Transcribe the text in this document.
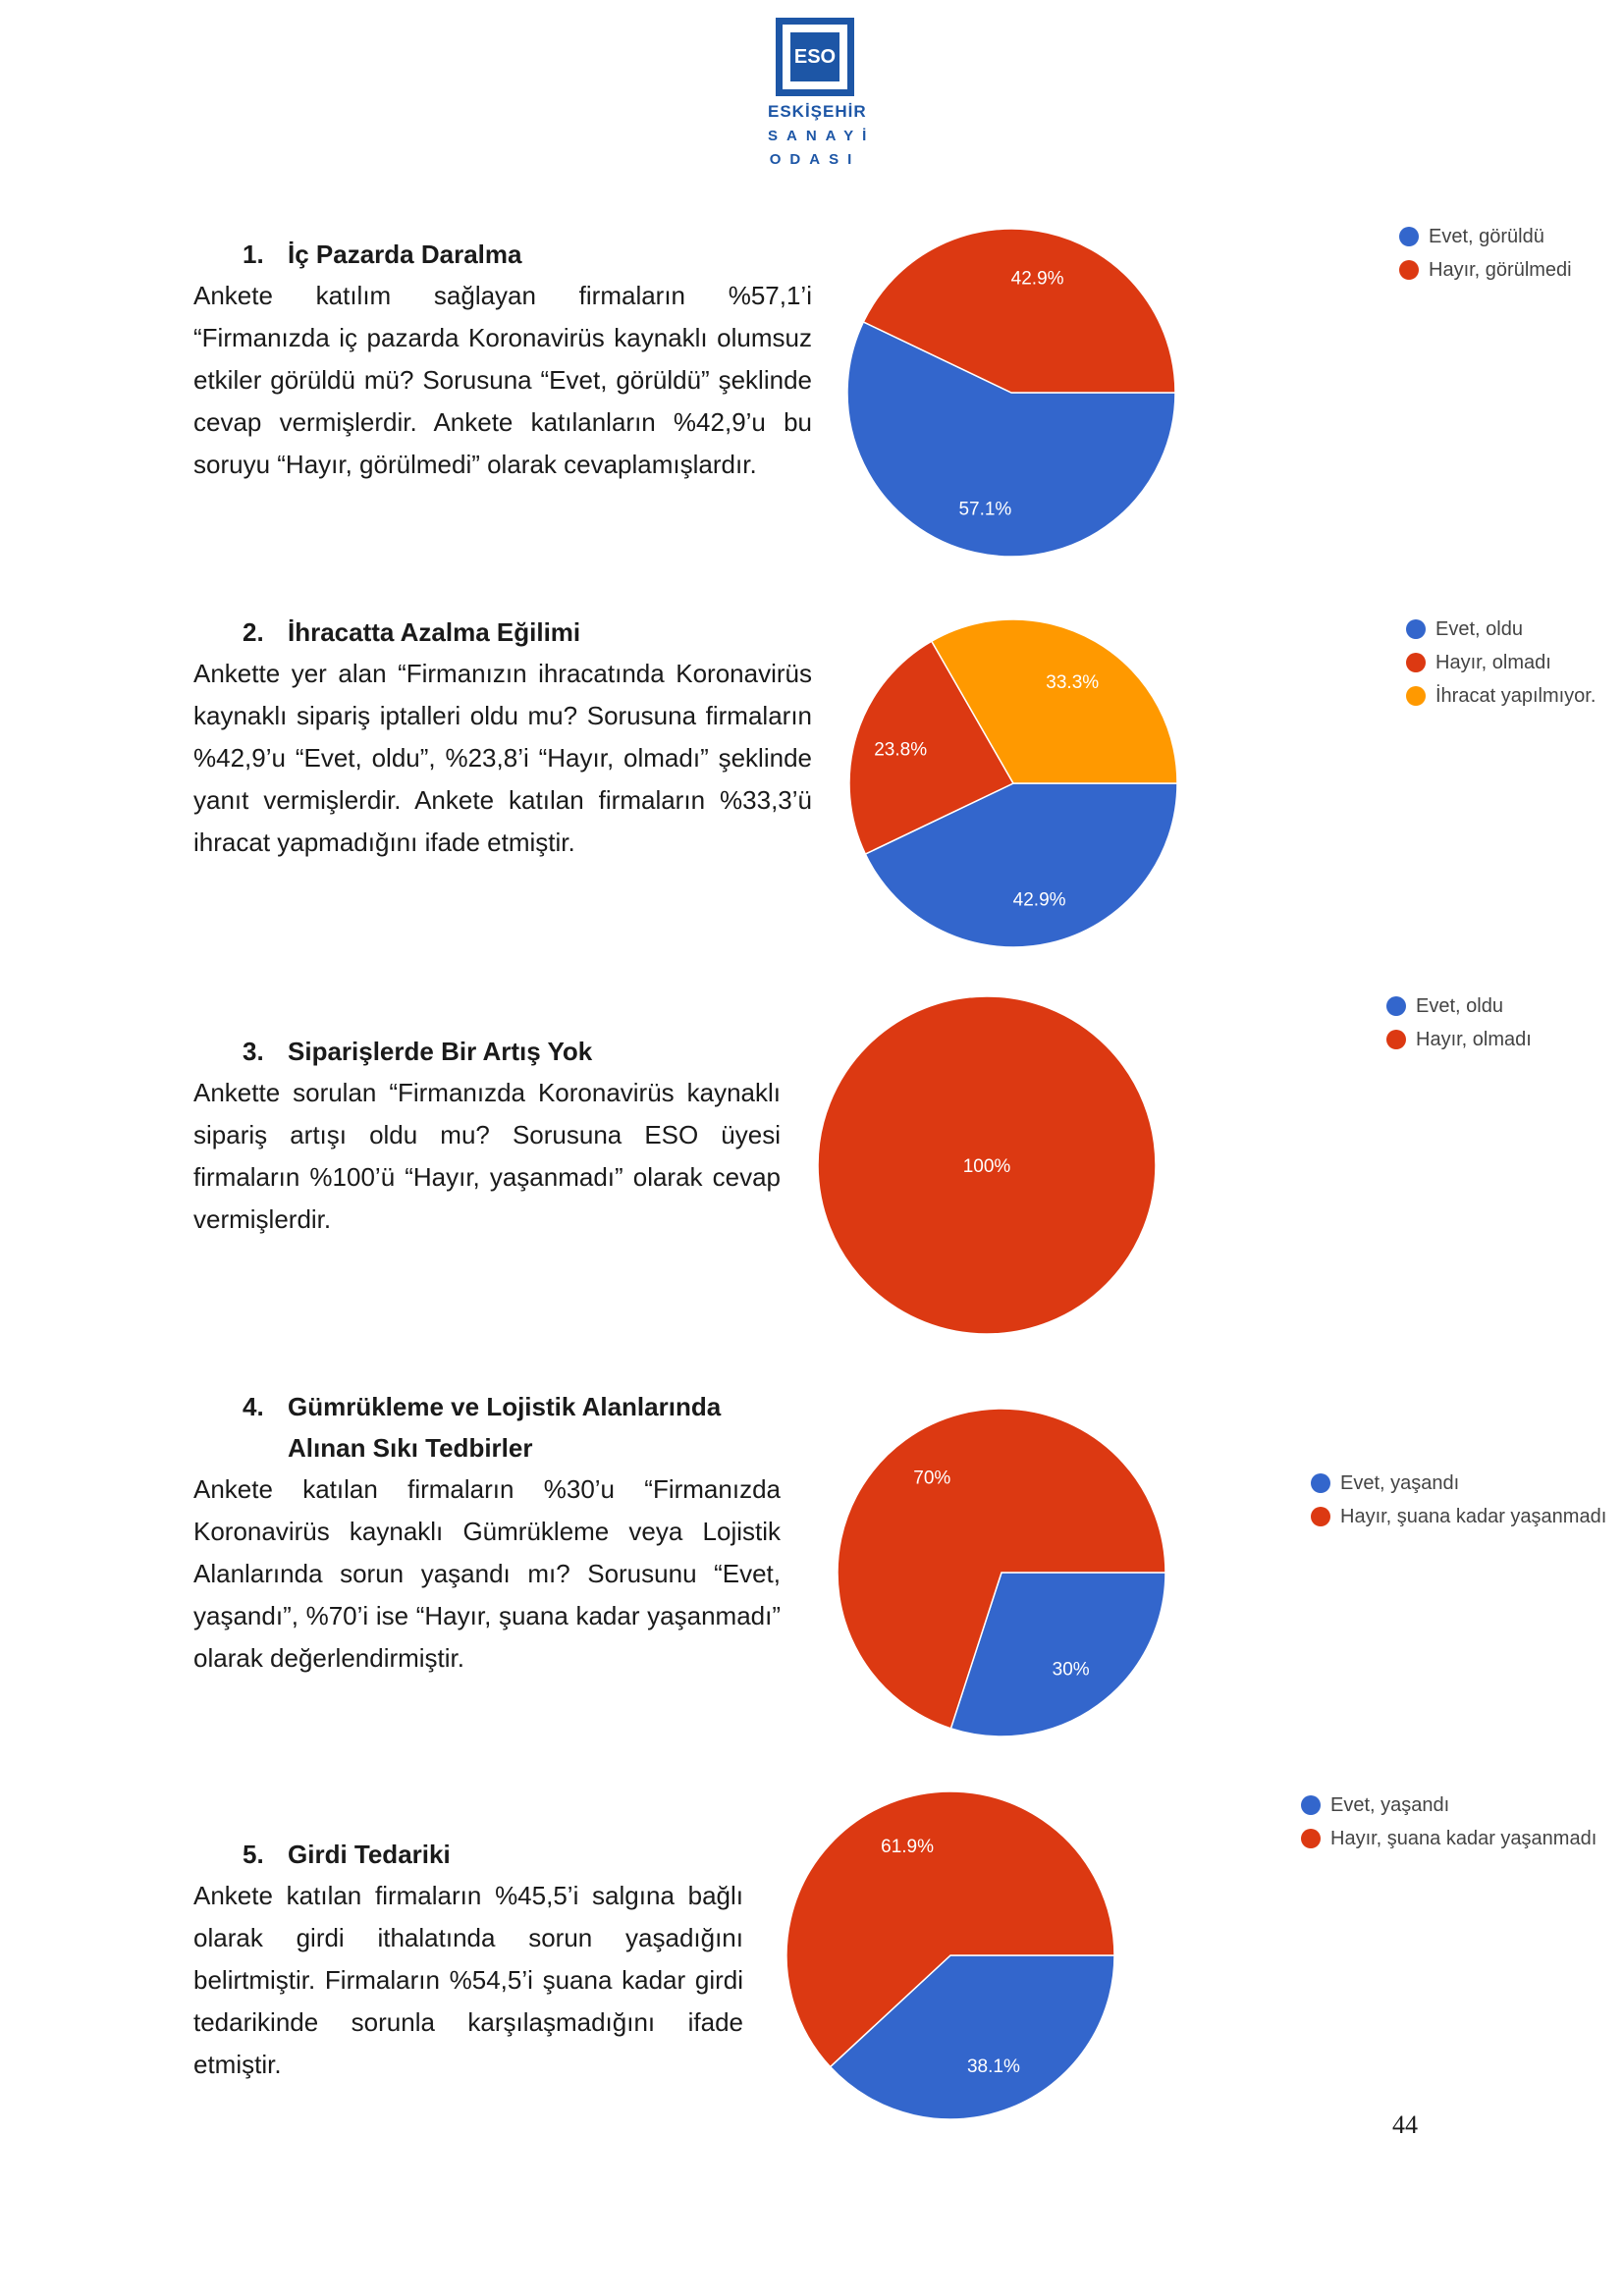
ESO
ESKİŞEHİR
SANAYİ
ODASI
1. İç Pazarda Daralma
Ankete katılım sağlayan firmaların %57,1’i “Firmanızda iç pazarda Koronavirüs kaynaklı olumsuz etkiler görüldü mü? Sorusuna “Evet, görüldü” şeklinde cevap vermişlerdir. Ankete katılanların %42,9’u bu soruyu “Hayır, görülmedi” olarak cevaplamışlardır.
2. İhracatta Azalma Eğilimi
Ankette yer alan “Firmanızın ihracatında Koronavirüs kaynaklı sipariş iptalleri oldu mu? Sorusuna firmaların %42,9’u “Evet, oldu”, %23,8’i “Hayır, olmadı” şeklinde yanıt vermişlerdir. Ankete katılan firmaların %33,3’ü ihracat yapmadığını ifade etmiştir.
3. Siparişlerde Bir Artış Yok
Ankette sorulan “Firmanızda Koronavirüs kaynaklı sipariş artışı oldu mu? Sorusuna ESO üyesi firmaların %100’ü “Hayır, yaşanmadı” olarak cevap vermişlerdir.
4. Gümrükleme ve Lojistik Alanlarında
Alınan Sıkı Tedbirler
Ankete katılan firmaların %30’u “Firmanızda Koronavirüs kaynaklı Gümrükleme veya Lojistik Alanlarında sorun yaşandı mı? Sorusunu “Evet, yaşandı”, %70’i ise “Hayır, şuana kadar yaşanmadı” olarak değerlendirmiştir.
5. Girdi Tedariki
Ankete katılan firmaların %45,5’i salgına bağlı olarak girdi ithalatında sorun yaşadığını belirtmiştir. Firmaların %54,5’i şuana kadar girdi tedarikinde sorunla karşılaşmadığını ifade etmiştir.
57.1%
42.9%
Evet, görüldü
Hayır, görülmedi
42.9%
23.8%
33.3%
Evet, oldu
Hayır, olmadı
İhracat yapılmıyor.
100%
Evet, oldu
Hayır, olmadı
30%
70%	Evet, yaşandı
Hayır, şuana kadar yaşanmadı
38.1%
61.9%
Evet, yaşandı
Hayır, şuana kadar yaşanmadı
44
